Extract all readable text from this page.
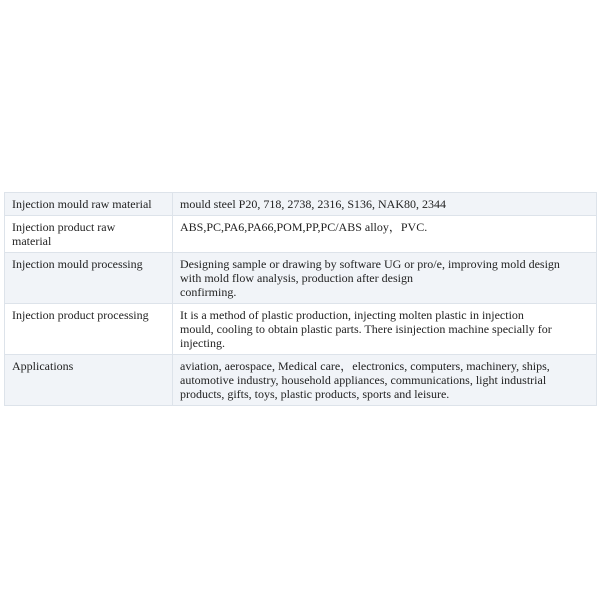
Injection mould raw material	mould steel P20, 718, 2738, 2316, S136, NAK80, 2344

Injection product raw
material	ABS,PC,PA6,PA66,POM,PP,PC/ABS alloy，PVC.

Injection mould processing	Designing sample or drawing by software UG or pro/e, improving mold design
with mold flow analysis, production after design
confirming.

Injection product processing	It is a method of plastic production, injecting molten plastic in injection
mould, cooling to obtain plastic parts. There isinjection machine specially for
injecting.

Applications	aviation, aerospace, Medical care，electronics, computers, machinery, ships,
automotive industry, household appliances, communications, light industrial
products, gifts, toys, plastic products, sports and leisure.
